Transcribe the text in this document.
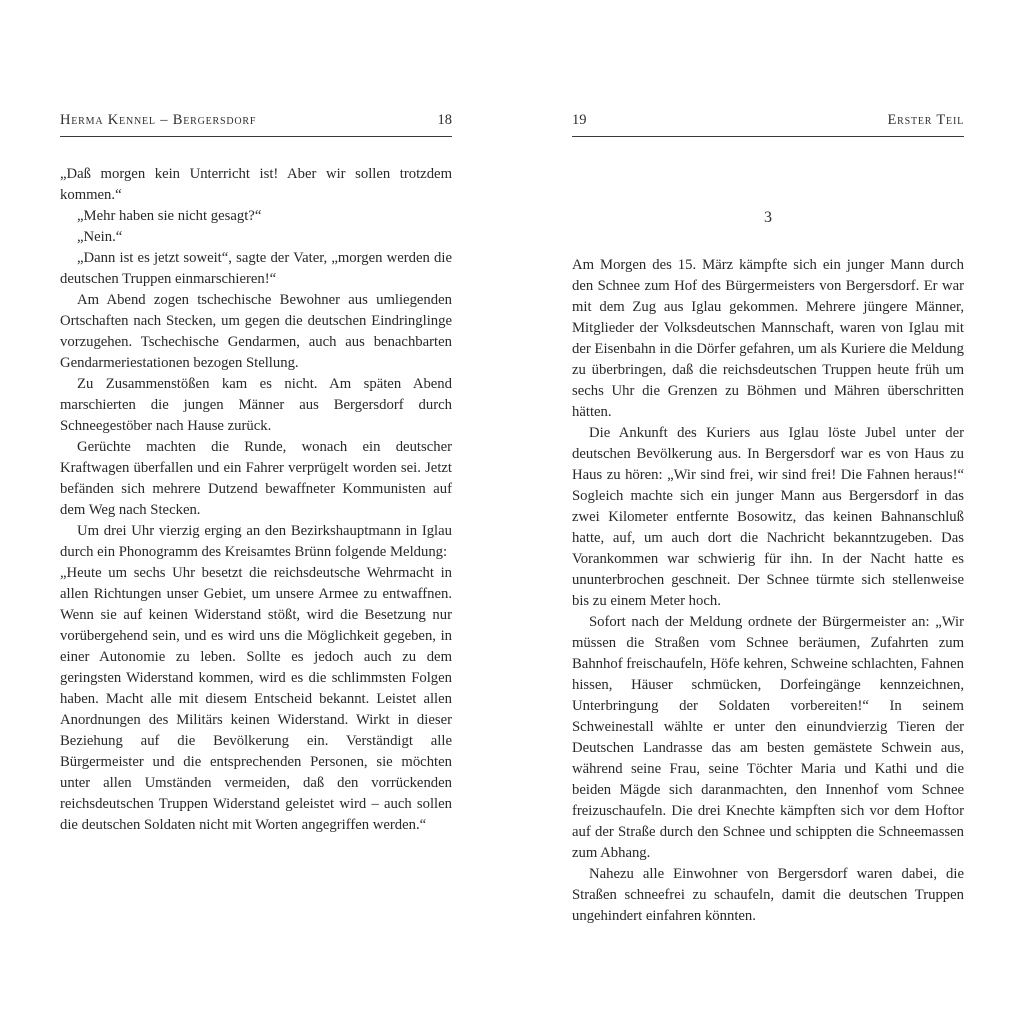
Herma Kennel – Bergersdorf	18

„Daß morgen kein Unterricht ist! Aber wir sollen trotzdem kommen.“

„Mehr haben sie nicht gesagt?“

„Nein.“

„Dann ist es jetzt soweit“, sagte der Vater, „morgen werden die deutschen Truppen einmarschieren!“

Am Abend zogen tschechische Bewohner aus umliegenden Ortschaften nach Stecken, um gegen die deutschen Eindringlinge vorzugehen. Tschechische Gendarmen, auch aus benachbarten Gendarmeriestationen bezogen Stellung.

Zu Zusammenstößen kam es nicht. Am späten Abend marschierten die jungen Männer aus Bergersdorf durch Schneegestöber nach Hause zurück.

Gerüchte machten die Runde, wonach ein deutscher Kraftwagen überfallen und ein Fahrer verprügelt worden sei. Jetzt befänden sich mehrere Dutzend bewaffneter Kommunisten auf dem Weg nach Stecken.

Um drei Uhr vierzig erging an den Bezirkshauptmann in Iglau durch ein Phonogramm des Kreisamtes Brünn folgende Meldung:

„Heute um sechs Uhr besetzt die reichsdeutsche Wehrmacht in allen Richtungen unser Gebiet, um unsere Armee zu entwaffnen. Wenn sie auf keinen Widerstand stößt, wird die Besetzung nur vorübergehend sein, und es wird uns die Möglichkeit gegeben, in einer Autonomie zu leben. Sollte es jedoch auch zu dem geringsten Widerstand kommen, wird es die schlimmsten Folgen haben. Macht alle mit diesem Entscheid bekannt. Leistet allen Anordnungen des Militärs keinen Widerstand. Wirkt in dieser Beziehung auf die Bevölkerung ein. Verständigt alle Bürgermeister und die entsprechenden Personen, sie möchten unter allen Umständen vermeiden, daß den vorrückenden reichsdeutschen Truppen Widerstand geleistet wird – auch sollen die deutschen Soldaten nicht mit Worten angegriffen werden.“

19	Erster Teil
3

Am Morgen des 15. März kämpfte sich ein junger Mann durch den Schnee zum Hof des Bürgermeisters von Bergersdorf. Er war mit dem Zug aus Iglau gekommen. Mehrere jüngere Männer, Mitglieder der Volksdeutschen Mannschaft, waren von Iglau mit der Eisenbahn in die Dörfer gefahren, um als Kuriere die Meldung zu überbringen, daß die reichsdeutschen Truppen heute früh um sechs Uhr die Grenzen zu Böhmen und Mähren überschritten hätten.

Die Ankunft des Kuriers aus Iglau löste Jubel unter der deutschen Bevölkerung aus. In Bergersdorf war es von Haus zu Haus zu hören: „Wir sind frei, wir sind frei! Die Fahnen heraus!“ Sogleich machte sich ein junger Mann aus Bergersdorf in das zwei Kilometer entfernte Bosowitz, das keinen Bahnanschluß hatte, auf, um auch dort die Nachricht bekanntzugeben. Das Vorankommen war schwierig für ihn. In der Nacht hatte es ununterbrochen geschneit. Der Schnee türmte sich stellenweise bis zu einem Meter hoch.

Sofort nach der Meldung ordnete der Bürgermeister an: „Wir müssen die Straßen vom Schnee beräumen, Zufahrten zum Bahnhof freischaufeln, Höfe kehren, Schweine schlachten, Fahnen hissen, Häuser schmücken, Dorfeingänge kennzeichnen, Unterbringung der Soldaten vorbereiten!“ In seinem Schweinestall wählte er unter den einundvierzig Tieren der Deutschen Landrasse das am besten gemästete Schwein aus, während seine Frau, seine Töchter Maria und Kathi und die beiden Mägde sich daranmachten, den Innenhof vom Schnee freizuschaufeln. Die drei Knechte kämpften sich vor dem Hoftor auf der Straße durch den Schnee und schippten die Schneemassen zum Abhang.

Nahezu alle Einwohner von Bergersdorf waren dabei, die Straßen schneefrei zu schaufeln, damit die deutschen Truppen ungehindert einfahren könnten.
